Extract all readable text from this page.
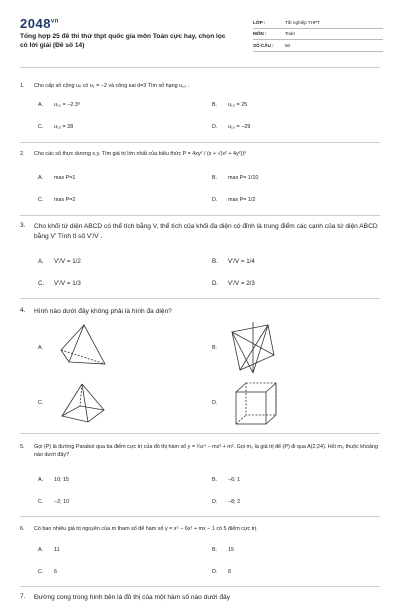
$2048^{vn}$
Tổng hợp 25 đề thi thử thpt quốc gia môn Toán cực hay, chọn lọc có lời giải (Đề số 14)
LỚP :	Tốt nghiệp THPT
MÔN :	Toán
SỐ CÂU :	50
1.	Cho cấp số cộng uₙ có u₁ = −2 và công sai d=3 Tìm số hạng u₁₀ .
A.	u₁₀ = −2.3⁹	B.	u₁₀ = 25
C.	u₁₀ = 28	D.	u₁₀ = −29
2.	Cho các số thực dương x,y. Tìm giá trị lớn nhất của biểu thức P = 4xy² / (x + √(x² + 4y²))³
A.	max P=1	B.	max P= 1/10
C.	max P=2	D.	max P= 1/2
3.	Cho khối tứ diện ABCD có thể tích bằng V, thể tích của khối đa diện có đỉnh là trung điểm các cạnh của tứ diện ABCD bằng V' Tính tỉ số V'/V .
A.	V'/V = 1/2	B.	V'/V = 1/4
C.	V'/V = 1/3	D.	V'/V = 2/3
4.	Hình nào dưới đây không phải là hình đa diện?
A.	B.
C.	D.
5.	Gọi (P) là đường Parabol qua ba điểm cực trị của đồ thị hàm số y = ¼x⁴ − mx² + m². Gọi m₀ là giá trị để (P) đi qua A(2;24). Hỏi m₀ thuộc khoảng nào dưới đây?
A.	10; 15	B.	−6; 1
C.	−2; 10	D.	−8; 2
6.	Có bao nhiêu giá trị nguyên của m tham số để hàm số y = x⁵ − 6x² + mx − 1 có 5 điểm cực trị.
A.	11	B.	15
C.	6	D.	8
7.	Đường cong trong hình bên là đồ thị của một hàm số nào dưới đây
